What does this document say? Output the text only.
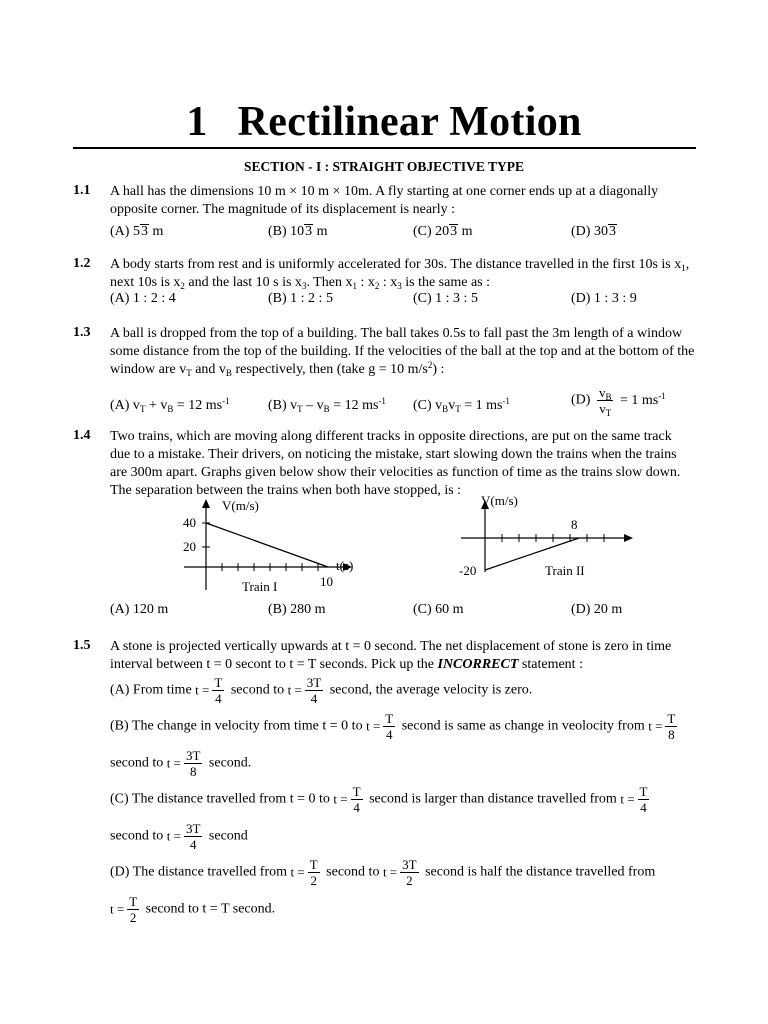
1 Rectilinear Motion
SECTION - I : STRAIGHT OBJECTIVE TYPE
1.1 A hall has the dimensions 10 m × 10 m × 10m. A fly starting at one corner ends up at a diagonally
opposite corner. The magnitude of its displacement is nearly :
(A) 53 m	(B) 103 m	(C) 203 m	(D) 303
1.2 A body starts from rest and is uniformly accelerated for 30s. The distance travelled in the first 10s is $x_1$,
next 10s is $x_2$ and the last 10 s is $x_3$. Then $x_1$ : $x_2$ : $x_3$ is the same as :
(A) 1 : 2 : 4	(B) 1 : 2 : 5	(C) 1 : 3 : 5	(D) 1 : 3 : 9
1.3 A ball is dropped from the top of a building. The ball takes 0.5s to fall past the 3m length of a window
some distance from the top of the building. If the velocities of the ball at the top and at the bottom of the
window are $v_T$ and $v_B$ respectively, then (take g = 10 $m/s^2$) :
(A) $v_T + v_B = 12$ $ms^{-1}$	(B) $v_T - v_B = 12$ $ms^{-1}$ (C) $v_Bv_T = 1$ $ms^{-1}$	$(D) \frac{v_B}{v_T} = 1$ $ms^{-1}$
1.4 Two trains, which are moving along different tracks in opposite directions, are put on the same track
due to a mistake. Their drivers, on noticing the mistake, start slowing down the trains when the trains
are 300m apart. Graphs given below show their velocities as function of time as the trains slow down.
The separation between the trains when both have stopped, is :
V(m/s)
40
20
t(s)
10
Train I
V(m/s)
8
-20	Train II
(A) 120 m	(B) 280 m	(C) 60 m	(D) 20 m
1.5 A stone is projected vertically upwards at t = 0 second. The net displacement of stone is zero in time
interval between t = 0 secont to t = T seconds. Pick up the INCORRECT statement :
(A) From time $t = \frac{T}{4}$ second to $t = \frac{3T}{4}$ second, the average velocity is zero.
(B) The change in velocity from time t = 0 to $t = \frac{T}{4}$ second is same as change in veolocity from $t = \frac{T}{8}$
second to $t = \frac{3T}{8}$ second.
(C) The distance travelled from t = 0 to $t = \frac{T}{4}$ second is larger than distance travelled from $t = \frac{T}{4}$
second to $t = \frac{3T}{4}$ second
(D) The distance travelled from $t = \frac{T}{2}$ second to $t = \frac{3T}{2}$ second is half the distance travelled from
$t = \frac{T}{2}$ second to t = T second.
